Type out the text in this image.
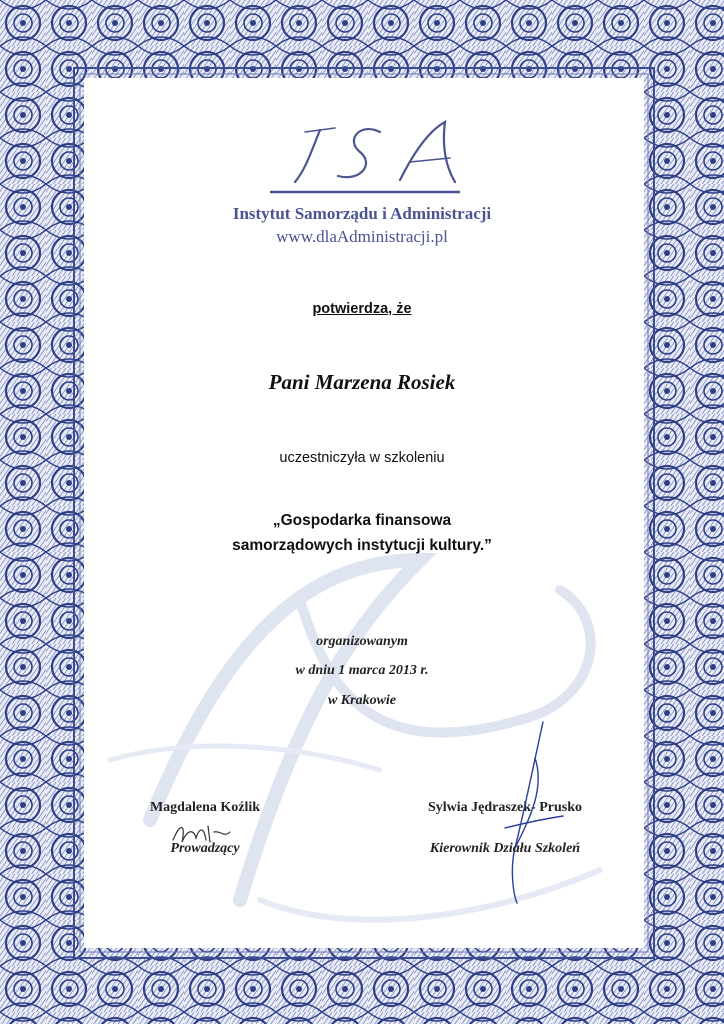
Instytut Samorządu i Administracji
www.dlaAdministracji.pl
potwierdza, że
Pani Marzena Rosiek
uczestniczyła w szkoleniu
„Gospodarka finansowa
samorządowych instytucji kultury.”
organizowanym
w dniu 1 marca 2013 r.
w Krakowie
Magdalena Koźlik
Prowadzący
Sylwia Jędraszek- Prusko
Kierownik Działu Szkoleń
